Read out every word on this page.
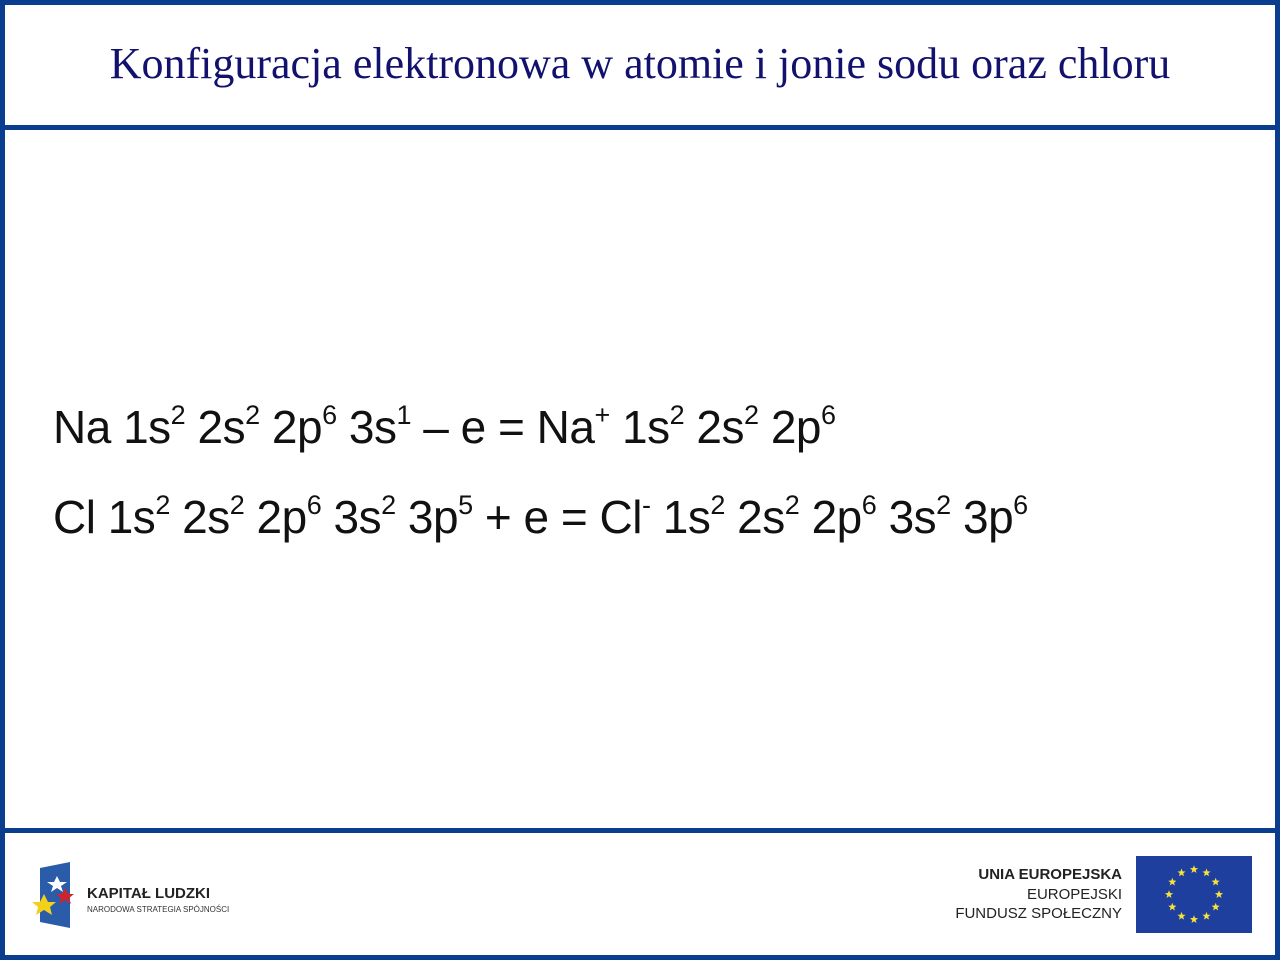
Konfiguracja elektronowa w atomie i jonie sodu oraz chloru
Na $1s^2$ $2s^2$ $2p^6$ $3s^1 - e = Na^+$ $1s^2$ $2s^2$ $2p^6$
Cl $1s^2$ $2s^2$ $2p^6$ $3s^2$ $3p^5 + e = Cl^-$ $1s^2$ $2s^2$ $2p^6$ $3s^2$ $3p^6$
KAPITAŁ LUDZKI
NARODOWA STRATEGIA SPÓJNOŚCI
UNIA EUROPEJSKA
EUROPEJSKI
FUNDUSZ SPOŁECZNY
